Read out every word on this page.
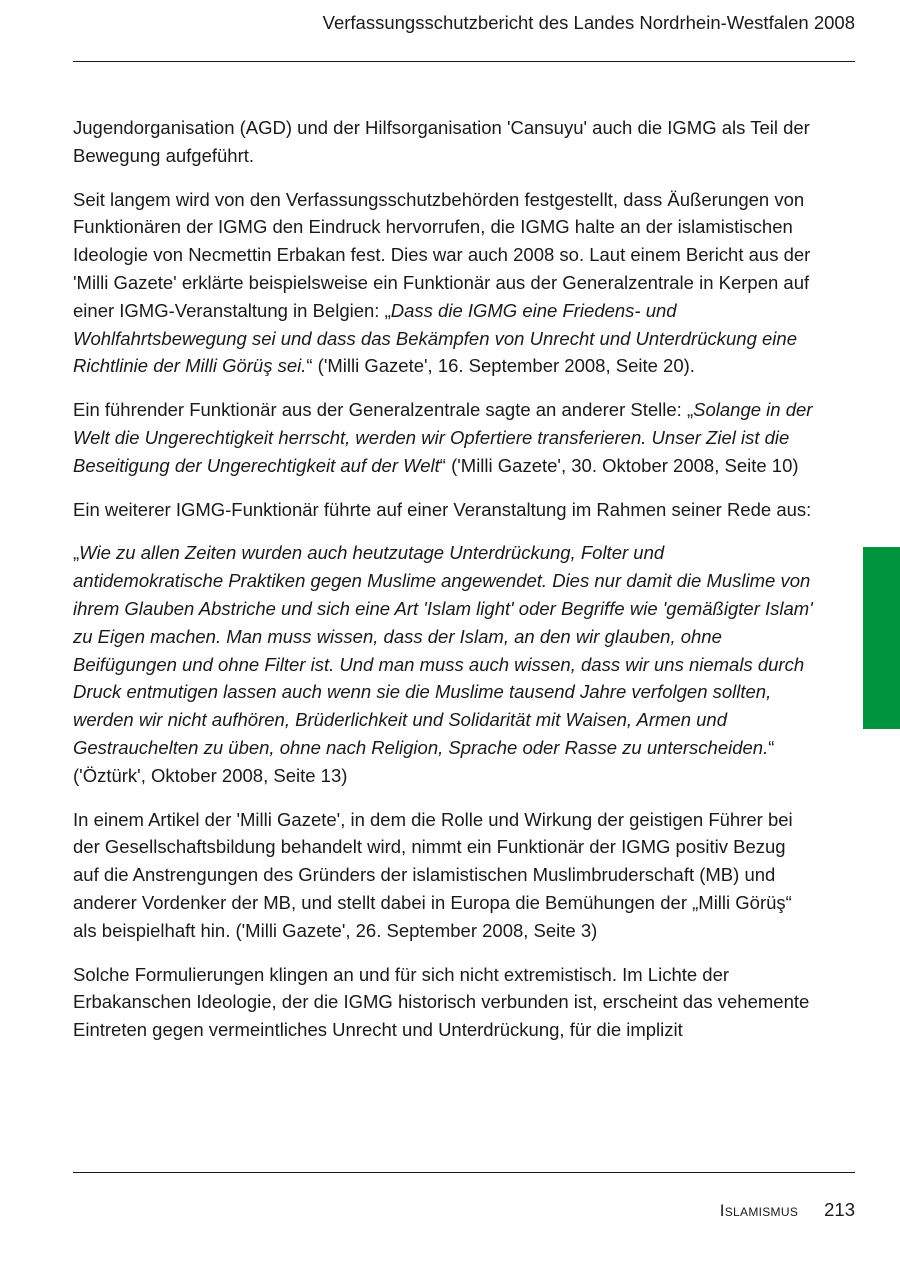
Verfassungsschutzbericht des Landes Nordrhein-Westfalen 2008

Jugendorganisation (AGD) und der Hilfsorganisation 'Cansuyu' auch die IGMG als Teil der Bewegung aufgeführt.

Seit langem wird von den Verfassungsschutzbehörden festgestellt, dass Äußerungen von Funktionären der IGMG den Eindruck hervorrufen, die IGMG halte an der islamistischen Ideologie von Necmettin Erbakan fest. Dies war auch 2008 so. Laut einem Bericht aus der 'Milli Gazete' erklärte beispielsweise ein Funktionär aus der Generalzentrale in Kerpen auf einer IGMG-Veranstaltung in Belgien: „Dass die IGMG eine Friedens- und Wohlfahrtsbewegung sei und dass das Bekämpfen von Unrecht und Unterdrückung eine Richtlinie der Milli Görüş sei.“ ('Milli Gazete', 16. September 2008, Seite 20).

Ein führender Funktionär aus der Generalzentrale sagte an anderer Stelle: „Solange in der Welt die Ungerechtigkeit herrscht, werden wir Opfertiere transferieren. Unser Ziel ist die Beseitigung der Ungerechtigkeit auf der Welt“ ('Milli Gazete', 30. Oktober 2008, Seite 10)

Ein weiterer IGMG-Funktionär führte auf einer Veranstaltung im Rahmen seiner Rede aus:

„Wie zu allen Zeiten wurden auch heutzutage Unterdrückung, Folter und antidemokratische Praktiken gegen Muslime angewendet. Dies nur damit die Muslime von ihrem Glauben Abstriche und sich eine Art 'Islam light' oder Begriffe wie 'gemäßigter Islam' zu Eigen machen. Man muss wissen, dass der Islam, an den wir glauben, ohne Beifügungen und ohne Filter ist. Und man muss auch wissen, dass wir uns niemals durch Druck entmutigen lassen auch wenn sie die Muslime tausend Jahre verfolgen sollten, werden wir nicht aufhören, Brüderlichkeit und Solidarität mit Waisen, Armen und Gestrauchelten zu üben, ohne nach Religion, Sprache oder Rasse zu unterscheiden.“ ('Öztürk', Oktober 2008, Seite 13)

In einem Artikel der 'Milli Gazete', in dem die Rolle und Wirkung der geistigen Führer bei der Gesellschaftsbildung behandelt wird, nimmt ein Funktionär der IGMG positiv Bezug auf die Anstrengungen des Gründers der islamistischen Muslimbruderschaft (MB) und anderer Vordenker der MB, und stellt dabei in Europa die Bemühungen der „Milli Görüş“ als beispielhaft hin. ('Milli Gazete', 26. September 2008, Seite 3)

Solche Formulierungen klingen an und für sich nicht extremistisch. Im Lichte der Erbakanschen Ideologie, der die IGMG historisch verbunden ist, erscheint das vehemente Eintreten gegen vermeintliches Unrecht und Unterdrückung, für die implizit

Islamismus 213
